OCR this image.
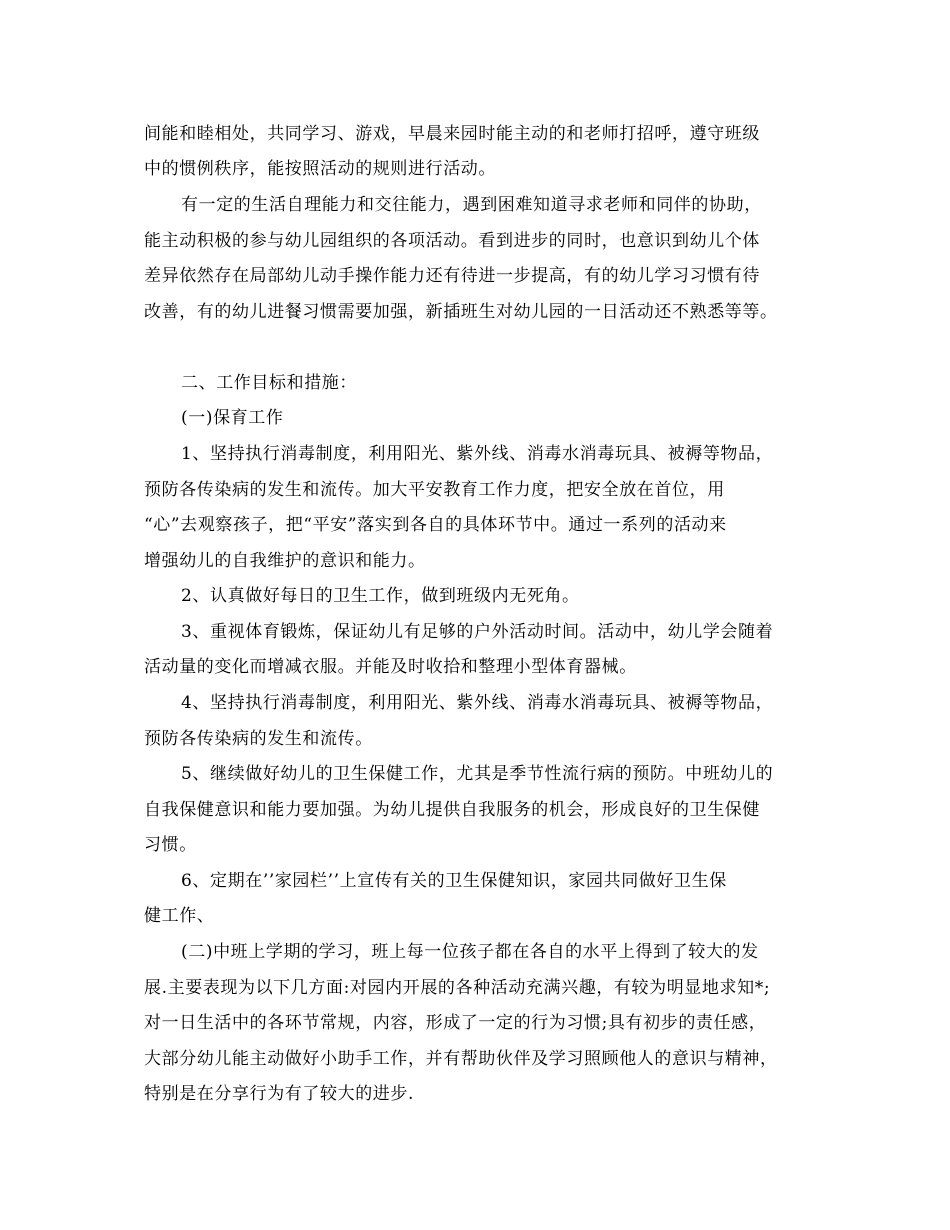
间能和睦相处，共同学习、游戏，早晨来园时能主动的和老师打招呼，遵守班级
中的惯例秩序，能按照活动的规则进行活动。
有一定的生活自理能力和交往能力，遇到困难知道寻求老师和同伴的协助，
能主动积极的参与幼儿园组织的各项活动。看到进步的同时，也意识到幼儿个体
差异依然存在局部幼儿动手操作能力还有待进一步提高，有的幼儿学习习惯有待
改善，有的幼儿进餐习惯需要加强，新插班生对幼儿园的一日活动还不熟悉等等。
二、工作目标和措施：
(一)保育工作
1、坚持执行消毒制度，利用阳光、紫外线、消毒水消毒玩具、被褥等物品，
预防各传染病的发生和流传。加大平安教育工作力度，把安全放在首位，用
“心”去观察孩子，把“平安”落实到各自的具体环节中。通过一系列的活动来
增强幼儿的自我维护的意识和能力。
2、认真做好每日的卫生工作，做到班级内无死角。
3、重视体育锻炼，保证幼儿有足够的户外活动时间。活动中，幼儿学会随着
活动量的变化而增减衣服。并能及时收拾和整理小型体育器械。
4、坚持执行消毒制度，利用阳光、紫外线、消毒水消毒玩具、被褥等物品，
预防各传染病的发生和流传。
5、继续做好幼儿的卫生保健工作，尤其是季节性流行病的预防。中班幼儿的
自我保健意识和能力要加强。为幼儿提供自我服务的机会，形成良好的卫生保健
习惯。
6、定期在’’家园栏’’上宣传有关的卫生保健知识，家园共同做好卫生保
健工作、
(二)中班上学期的学习，班上每一位孩子都在各自的水平上得到了较大的发
展.主要表现为以下几方面:对园内开展的各种活动充满兴趣，有较为明显地求知*;
对一日生活中的各环节常规，内容，形成了一定的行为习惯;具有初步的责任感，
大部分幼儿能主动做好小助手工作，并有帮助伙伴及学习照顾他人的意识与精神，
特别是在分享行为有了较大的进步.
